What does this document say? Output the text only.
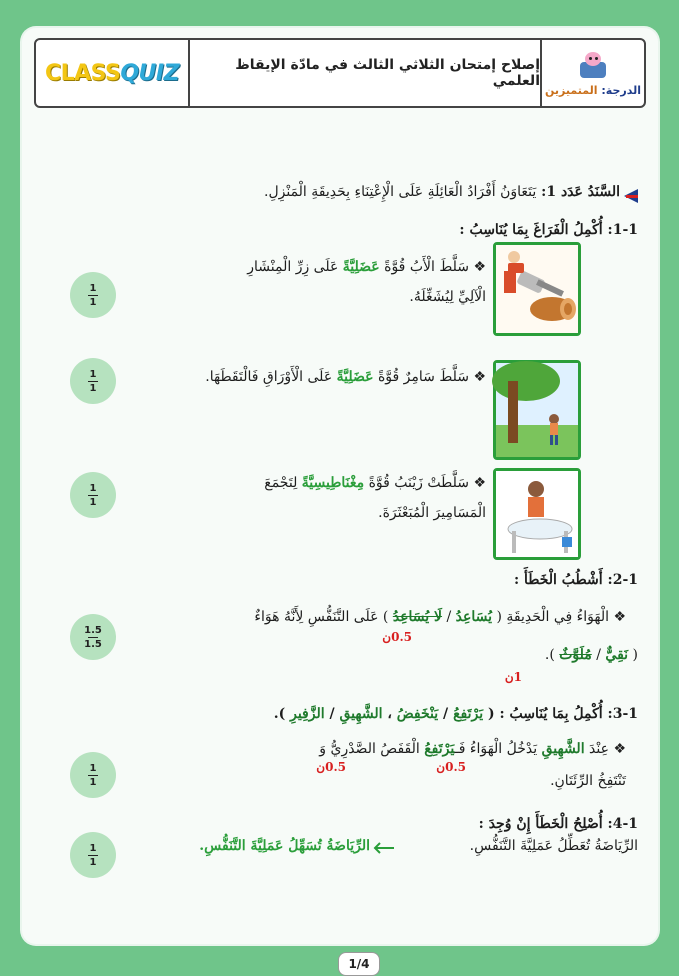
الدرجة: المتميزين
إصلاح إمتحان الثلاثي الثالث في مادّة الإيقاظ العلمي
CLASSQUIZ
السَّنَدُ عَدَد 1: يَتَعَاوَنُ أَفْرَادُ الْعَائِلَةِ عَلَى الْإِعْتِنَاءِ بِحَدِيقَةِ الْمَنْزِلِ.
1-1: أُكْمِلُ الْفَرَاغَ بِمَا يُنَاسِبُ :
1
1
❖ سَلَّطَ الْأَبُ قُوَّةً عَضَلِيَّةً عَلَى زِرِّ الْمِنْشَارِ
الْآلِيِّ لِيُشَغِّلَهُ.
1
1
❖ سَلَّطَ سَامِرٌ قُوَّةً عَضَلِيَّةً عَلَى الْأَوْرَاقِ فَالْتَقَطَهَا.
1
1
❖ سَلَّطَتْ زَيْنَبُ قُوَّةً مِغْنَاطِيسِيَّةً لِتَجْمَعَ
الْمَسَامِيرَ الْمُبَعْثَرَةَ.
2-1: أَشْطُبُ الْخَطَأَ :
1.5
1.5
❖ الْهَوَاءُ فِي الْحَدِيقَةِ ( يُسَاعِدُ / لَا يُسَاعِدُ ) عَلَى التَّنَفُّسِ لِأَنَّهُ هَوَاءٌ
0.5ن
( نَقِيٌّ / مُلَوَّثٌ ).
1ن
3-1: أُكْمِلُ بِمَا يُنَاسِبُ : ( يَرْتَفِعُ / يَنْخَفِضُ ، الشَّهِيقِ / الزَّفِيرِ ).
1
1
❖ عِنْدَ الشَّهِيقِ يَدْخُلُ الْهَوَاءُ فَـيَرْتَفِعُ الْقَفَصُ الصَّدْرِيُّ وَ
0.5ن
0.5ن
تَنْتَفِخُ الرِّئَتَانِ.
4-1: أُصْلِحُ الْخَطَأَ إِنْ وُجِدَ :
1
1
الرِّيَاضَةُ تُعَطِّلُ عَمَلِيَّةَ التَّنَفُّسِ.
الرِّيَاضَةُ تُسَهِّلُ عَمَلِيَّةَ التَّنَفُّسِ.
1/4
